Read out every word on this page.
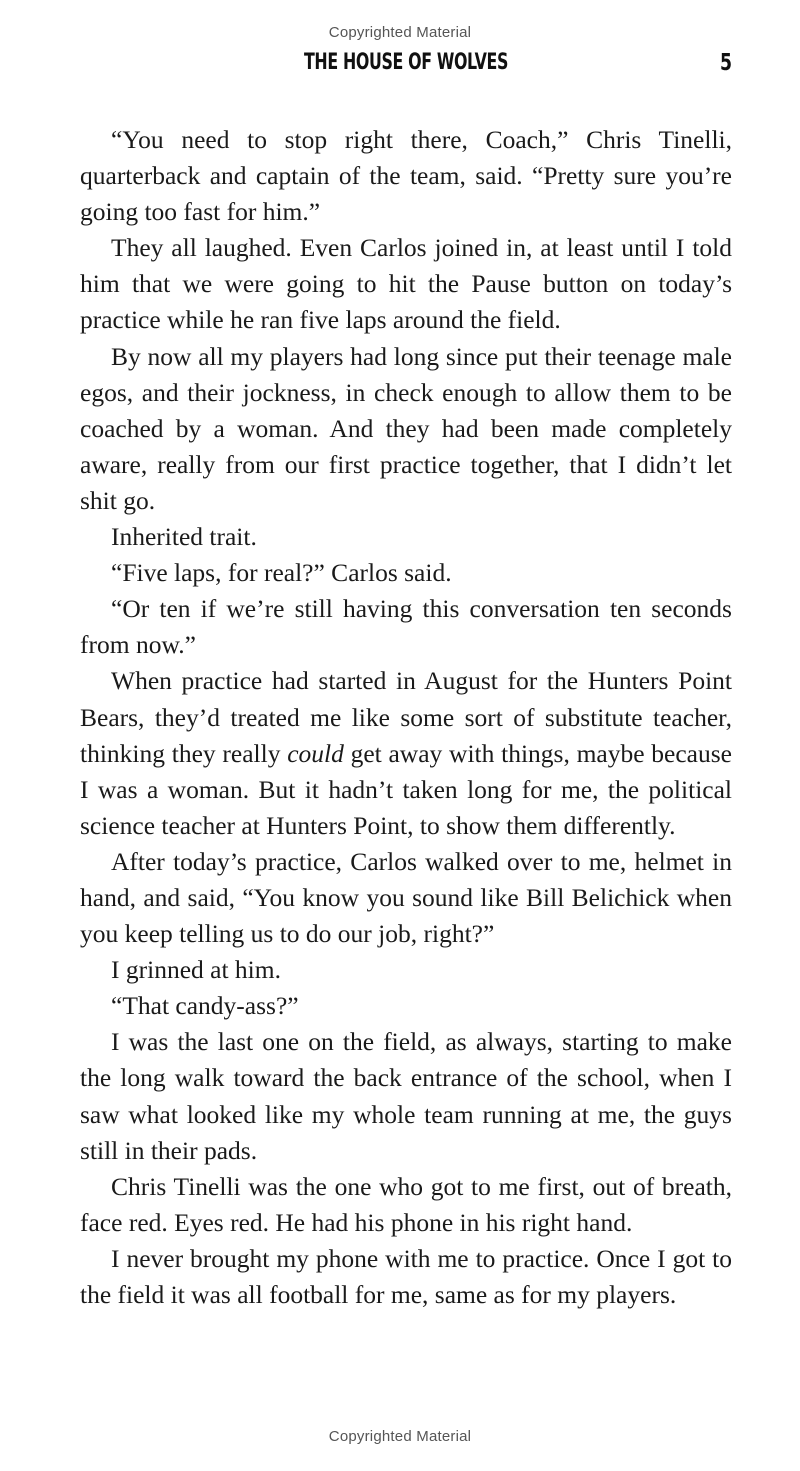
Copyrighted Material
THE HOUSE OF WOLVES	5

“You need to stop right there, Coach,” Chris Tinelli, quarterback and captain of the team, said. “Pretty sure you’re going too fast for him.”

They all laughed. Even Carlos joined in, at least until I told him that we were going to hit the Pause button on today’s practice while he ran five laps around the field.

By now all my players had long since put their teenage male egos, and their jockness, in check enough to allow them to be coached by a woman. And they had been made completely aware, really from our first practice together, that I didn’t let shit go.

Inherited trait.

“Five laps, for real?” Carlos said.

“Or ten if we’re still having this conversation ten seconds from now.”

When practice had started in August for the Hunters Point Bears, they’d treated me like some sort of substitute teacher, thinking they really could get away with things, maybe because I was a woman. But it hadn’t taken long for me, the political science teacher at Hunters Point, to show them differently.

After today’s practice, Carlos walked over to me, helmet in hand, and said, “You know you sound like Bill Belichick when you keep telling us to do our job, right?”

I grinned at him.

“That candy-ass?”

I was the last one on the field, as always, starting to make the long walk toward the back entrance of the school, when I saw what looked like my whole team running at me, the guys still in their pads.

Chris Tinelli was the one who got to me first, out of breath, face red. Eyes red. He had his phone in his right hand.

I never brought my phone with me to practice. Once I got to the field it was all football for me, same as for my players.

Copyrighted Material
